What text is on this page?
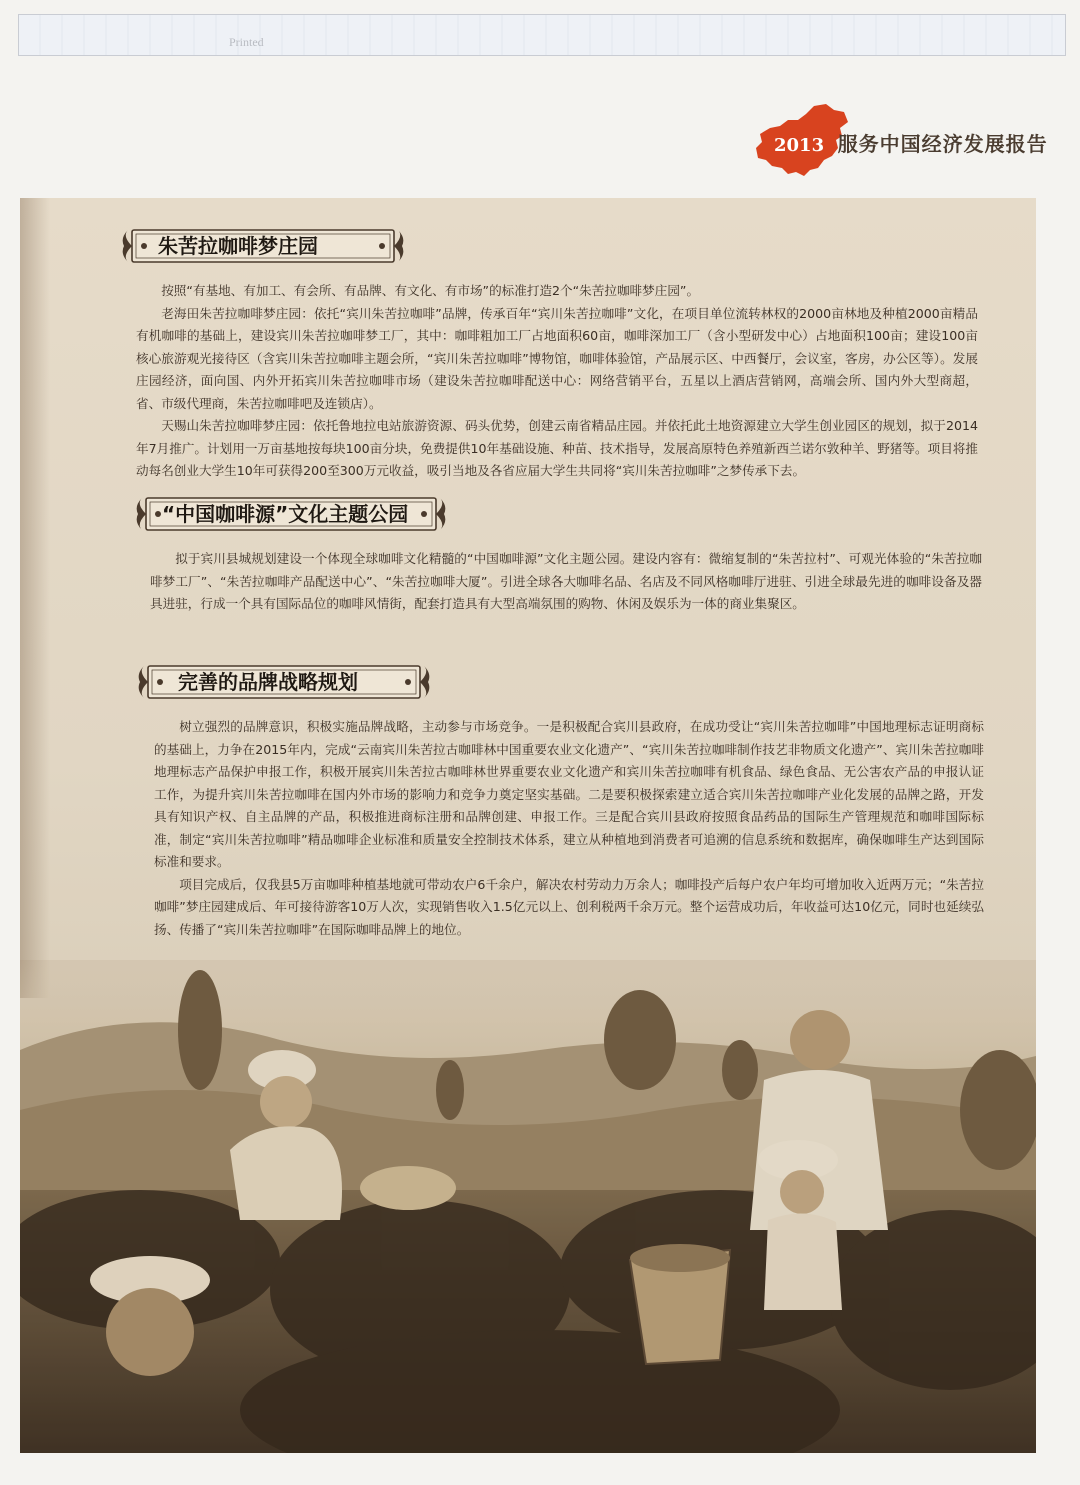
Printed
2013 服务中国经济发展报告
朱苦拉咖啡梦庄园

按照“有基地、有加工、有会所、有品牌、有文化、有市场”的标准打造2个“朱苦拉咖啡梦庄园”。

老海田朱苦拉咖啡梦庄园：依托“宾川朱苦拉咖啡”品牌，传承百年“宾川朱苦拉咖啡”文化，在项目单位流转林权的2000亩林地及种植2000亩精品有机咖啡的基础上，建设宾川朱苦拉咖啡梦工厂，其中：咖啡粗加工厂占地面积60亩，咖啡深加工厂（含小型研发中心）占地面积100亩；建设100亩核心旅游观光接待区（含宾川朱苦拉咖啡主题会所，“宾川朱苦拉咖啡”博物馆，咖啡体验馆，产品展示区、中西餐厅，会议室，客房，办公区等）。发展庄园经济，面向国、内外开拓宾川朱苦拉咖啡市场（建设朱苦拉咖啡配送中心：网络营销平台，五星以上酒店营销网，高端会所、国内外大型商超，省、市级代理商，朱苦拉咖啡吧及连锁店）。

天赐山朱苦拉咖啡梦庄园：依托鲁地拉电站旅游资源、码头优势，创建云南省精品庄园。并依托此土地资源建立大学生创业园区的规划，拟于2014年7月推广。计划用一万亩基地按每块100亩分块，免费提供10年基础设施、种苗、技术指导，发展高原特色养殖新西兰诺尔敦种羊、野猪等。项目将推动每名创业大学生10年可获得200至300万元收益，吸引当地及各省应届大学生共同将“宾川朱苦拉咖啡”之梦传承下去。

“中国咖啡源”文化主题公园

拟于宾川县城规划建设一个体现全球咖啡文化精髓的“中国咖啡源”文化主题公园。建设内容有：微缩复制的“朱苦拉村”、可观光体验的“朱苦拉咖啡梦工厂”、“朱苦拉咖啡产品配送中心”、“朱苦拉咖啡大厦”。引进全球各大咖啡名品、名店及不同风格咖啡厅进驻、引进全球最先进的咖啡设备及器具进驻，行成一个具有国际品位的咖啡风情街，配套打造具有大型高端氛围的购物、休闲及娱乐为一体的商业集聚区。

完善的品牌战略规划

树立强烈的品牌意识，积极实施品牌战略，主动参与市场竞争。一是积极配合宾川县政府，在成功受让“宾川朱苦拉咖啡”中国地理标志证明商标的基础上，力争在2015年内，完成“云南宾川朱苦拉古咖啡林中国重要农业文化遗产”、“宾川朱苦拉咖啡制作技艺非物质文化遗产”、宾川朱苦拉咖啡地理标志产品保护申报工作，积极开展宾川朱苦拉古咖啡林世界重要农业文化遗产和宾川朱苦拉咖啡有机食品、绿色食品、无公害农产品的申报认证工作，为提升宾川朱苦拉咖啡在国内外市场的影响力和竞争力奠定坚实基础。二是要积极探索建立适合宾川朱苦拉咖啡产业化发展的品牌之路，开发具有知识产权、自主品牌的产品，积极推进商标注册和品牌创建、申报工作。三是配合宾川县政府按照食品药品的国际生产管理规范和咖啡国际标准，制定“宾川朱苦拉咖啡”精品咖啡企业标准和质量安全控制技术体系，建立从种植地到消费者可追溯的信息系统和数据库，确保咖啡生产达到国际标准和要求。

项目完成后，仅我县5万亩咖啡种植基地就可带动农户6千余户，解决农村劳动力万余人；咖啡投产后每户农户年均可增加收入近两万元；“朱苦拉咖啡”梦庄园建成后、年可接待游客10万人次，实现销售收入1.5亿元以上、创利税两千余万元。整个运营成功后，年收益可达10亿元，同时也延续弘扬、传播了“宾川朱苦拉咖啡”在国际咖啡品牌上的地位。
